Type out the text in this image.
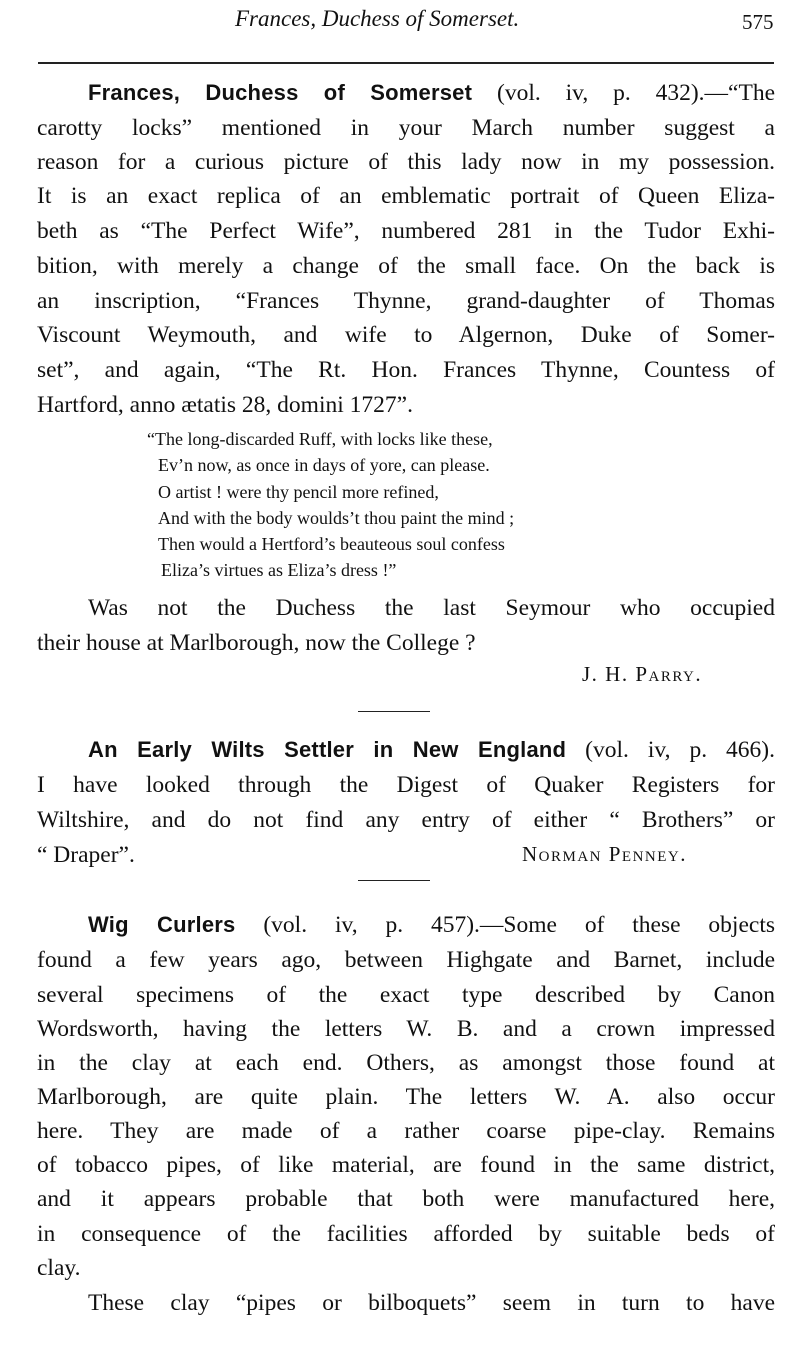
Frances, Duchess of Somerset.	575
Frances, Duchess of Somerset (vol. iv, p. 432).—“The
carotty locks” mentioned in your March number suggest a
reason for a curious picture of this lady now in my possession.
It is an exact replica of an emblematic portrait of Queen Eliza-
beth as “The Perfect Wife”, numbered 281 in the Tudor Exhi-
bition, with merely a change of the small face. On the back is
an inscription, “Frances Thynne, grand-daughter of Thomas
Viscount Weymouth, and wife to Algernon, Duke of Somer-
set”, and again, “The Rt. Hon. Frances Thynne, Countess of
Hartford, anno ætatis 28, domini 1727”.
“The long-discarded Ruff, with locks like these,
Ev’n now, as once in days of yore, can please.
O artist ! were thy pencil more refined,
And with the body woulds’t thou paint the mind ;
Then would a Hertford’s beauteous soul confess
Eliza’s virtues as Eliza’s dress !”
Was not the Duchess the last Seymour who occupied
their house at Marlborough, now the College ?
J. H. Parry.
An Early Wilts Settler in New England (vol. iv, p. 466).
I have looked through the Digest of Quaker Registers for
Wiltshire, and do not find any entry of either “ Brothers” or
“ Draper”.	Norman Penney.
Wig Curlers (vol. iv, p. 457).—Some of these objects
found a few years ago, between Highgate and Barnet, include
several specimens of the exact type described by Canon
Wordsworth, having the letters W. B. and a crown impressed
in the clay at each end. Others, as amongst those found at
Marlborough, are quite plain. The letters W. A. also occur
here. They are made of a rather coarse pipe-clay. Remains
of tobacco pipes, of like material, are found in the same district,
and it appears probable that both were manufactured here,
in consequence of the facilities afforded by suitable beds of
clay.
These clay “pipes or bilboquets” seem in turn to have
